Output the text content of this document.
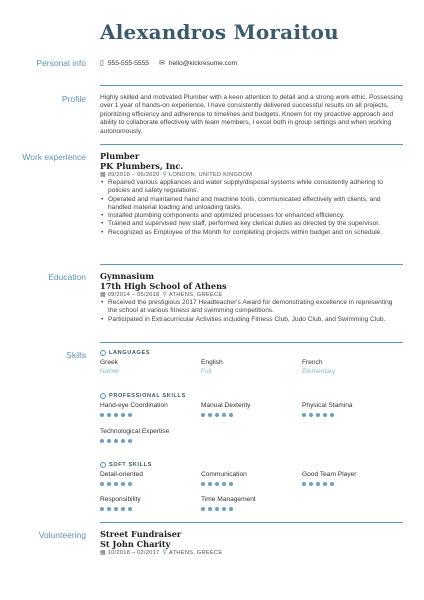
Alexandros Moraitou
Personal info ▯ 555-555-5555 ✉ hello@kickresume.com
Profile Highly skilled and motivated Plumber with a keen attention to detail and a strong work ethic. Possessing over 1 year of hands-on experience, I have consistently delivered successful results on all projects, prioritizing efficiency and adherence to timelines and budgets. Known for my proactive approach and ability to collaborate effectively with team members, I excel both in group settings and when working autonomously.
Work experience Plumber
PK Plumbers, Inc.
▦ 09/2018 – 06/2020 ⚲ LONDON, UNITED KINGDOM
• Repaired various appliances and water supply/disposal systems while consistently adhering to policies and safety regulations.
• Operated and maintained hand and machine tools, communicated effectively with clients, and handled material loading and unloading tasks.
• Installed plumbing components and optimized processes for enhanced efficiency.
• Trained and supervised new staff, performed key clerical duties as directed by the supervisor.
• Recognized as Employee of the Month for completing projects within budget and on schedule.
Education Gymnasium
17th High School of Athens
▦ 09/2014 – 05/2018 ⚲ ATHENS, GREECE
• Received the prestigious 2017 Headteacher's Award for demonstrating excellence in representing the school at various fitness and swimming competitions.
• Participated in Extracurricular Activities including Fitness Club, Judo Club, and Swimming Club.
Skills	i LANGUAGES
Greek
Native
English
Full
French
Elementary
i PROFESSIONAL SKILLS
Hand-eye Coordination	Manual Dexterity	Physical Stamina
Technological Expertise
i SOFT SKILLS
Detail-oriented	Communication	Good Team Player
Responsibility	Time Management
Volunteering Street Fundraiser
St John Charity
▦ 10/2018 – 02/2017 ⚲ ATHENS, GREECE
